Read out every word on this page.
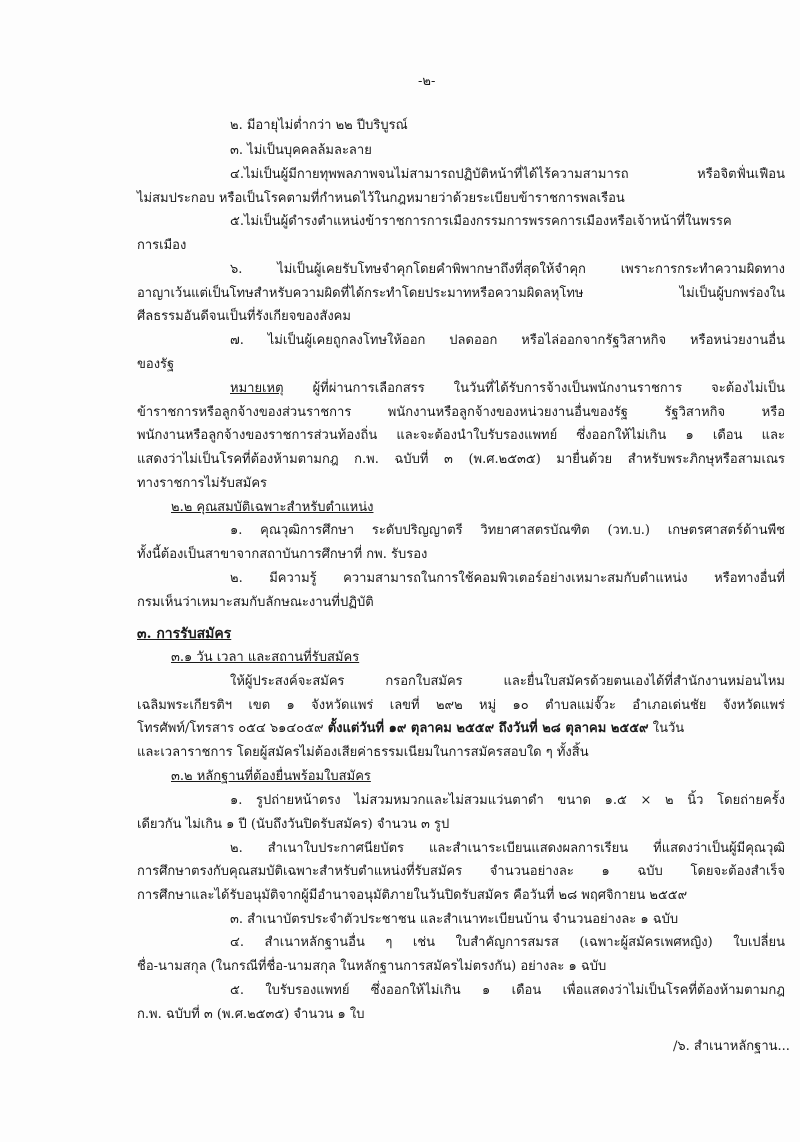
-๒-
๒. มีอายุไม่ต่ำกว่า ๒๒ ปีบริบูรณ์
๓. ไม่เป็นบุคคลล้มละลาย
๔.ไม่เป็นผู้มีกายทุพพลภาพจนไม่สามารถปฏิบัติหน้าที่ได้ไร้ความสามารถ หรือจิตฟั่นเฟือน
ไม่สมประกอบ หรือเป็นโรคตามที่กำหนดไว้ในกฎหมายว่าด้วยระเบียบข้าราชการพลเรือน
๕.ไม่เป็นผู้ดำรงตำแหน่งข้าราชการการเมืองกรรมการพรรคการเมืองหรือเจ้าหน้าที่ในพรรค
การเมือง
๖. ไม่เป็นผู้เคยรับโทษจำคุกโดยคำพิพากษาถึงที่สุดให้จำคุก เพราะการกระทำความผิดทาง
อาญาเว้นแต่เป็นโทษสำหรับความผิดที่ได้กระทำโดยประมาทหรือความผิดลหุโทษ ไม่เป็นผู้บกพร่องใน
ศีลธรรมอันดีจนเป็นที่รังเกียจของสังคม
๗. ไม่เป็นผู้เคยถูกลงโทษให้ออก ปลดออก หรือไล่ออกจากรัฐวิสาหกิจ หรือหน่วยงานอื่น
ของรัฐ
หมายเหตุ ผู้ที่ผ่านการเลือกสรร ในวันที่ได้รับการจ้างเป็นพนักงานราชการ จะต้องไม่เป็น
ข้าราชการหรือลูกจ้างของส่วนราชการ พนักงานหรือลูกจ้างของหน่วยงานอื่นของรัฐ รัฐวิสาหกิจ หรือ
พนักงานหรือลูกจ้างของราชการส่วนท้องถิ่น และจะต้องนำใบรับรองแพทย์ ซึ่งออกให้ไม่เกิน ๑ เดือน และ
แสดงว่าไม่เป็นโรคที่ต้องห้ามตามกฎ ก.พ. ฉบับที่ ๓ (พ.ศ.๒๕๓๕) มายื่นด้วย สำหรับพระภิกษุหรือสามเณร
ทางราชการไม่รับสมัคร
๒.๒ คุณสมบัติเฉพาะสำหรับตำแหน่ง
๑. คุณวุฒิการศึกษา ระดับปริญญาตรี วิทยาศาสตรบัณฑิต (วท.บ.) เกษตรศาสตร์ด้านพืช
ทั้งนี้ต้องเป็นสาขาจากสถาบันการศึกษาที่ กพ. รับรอง
๒. มีความรู้ ความสามารถในการใช้คอมพิวเตอร์อย่างเหมาะสมกับตำแหน่ง หรือทางอื่นที่
กรมเห็นว่าเหมาะสมกับลักษณะงานที่ปฏิบัติ
๓. การรับสมัคร
๓.๑ วัน เวลา และสถานที่รับสมัคร
ให้ผู้ประสงค์จะสมัคร กรอกใบสมัคร และยื่นใบสมัครด้วยตนเองได้ที่สำนักงานหม่อนไหม
เฉลิมพระเกียรติฯ เขต ๑ จังหวัดแพร่ เลขที่ ๒๙๒ หมู่ ๑๐ ตำบลแม่จั๊วะ อำเภอเด่นชัย จังหวัดแพร่
โทรศัพท์/โทรสาร ๐๕๔ ๖๑๔๐๕๙ ตั้งแต่วันที่ ๑๙ ตุลาคม ๒๕๕๙ ถึงวันที่ ๒๘ ตุลาคม ๒๕๕๙ ในวัน
และเวลาราชการ โดยผู้สมัครไม่ต้องเสียค่าธรรมเนียมในการสมัครสอบใด ๆ ทั้งสิ้น
๓.๒ หลักฐานที่ต้องยื่นพร้อมใบสมัคร
๑. รูปถ่ายหน้าตรง ไม่สวมหมวกและไม่สวมแว่นตาดำ ขนาด ๑.๕ × ๒ นิ้ว โดยถ่ายครั้ง
เดียวกัน ไม่เกิน ๑ ปี (นับถึงวันปิดรับสมัคร) จำนวน ๓ รูป
๒. สำเนาใบประกาศนียบัตร และสำเนาระเบียนแสดงผลการเรียน ที่แสดงว่าเป็นผู้มีคุณวุฒิ
การศึกษาตรงกับคุณสมบัติเฉพาะสำหรับตำแหน่งที่รับสมัคร จำนวนอย่างละ ๑ ฉบับ โดยจะต้องสำเร็จ
การศึกษาและได้รับอนุมัติจากผู้มีอำนาจอนุมัติภายในวันปิดรับสมัคร คือวันที่ ๒๘ พฤศจิกายน ๒๕๕๙
๓. สำเนาบัตรประจำตัวประชาชน และสำเนาทะเบียนบ้าน จำนวนอย่างละ ๑ ฉบับ
๔. สำเนาหลักฐานอื่น ๆ เช่น ใบสำคัญการสมรส (เฉพาะผู้สมัครเพศหญิง) ใบเปลี่ยน
ชื่อ-นามสกุล (ในกรณีที่ชื่อ-นามสกุล ในหลักฐานการสมัครไม่ตรงกัน) อย่างละ ๑ ฉบับ
๕. ใบรับรองแพทย์ ซึ่งออกให้ไม่เกิน ๑ เดือน เพื่อแสดงว่าไม่เป็นโรคที่ต้องห้ามตามกฎ
ก.พ. ฉบับที่ ๓ (พ.ศ.๒๕๓๕) จำนวน ๑ ใบ
/๖. สำเนาหลักฐาน...
